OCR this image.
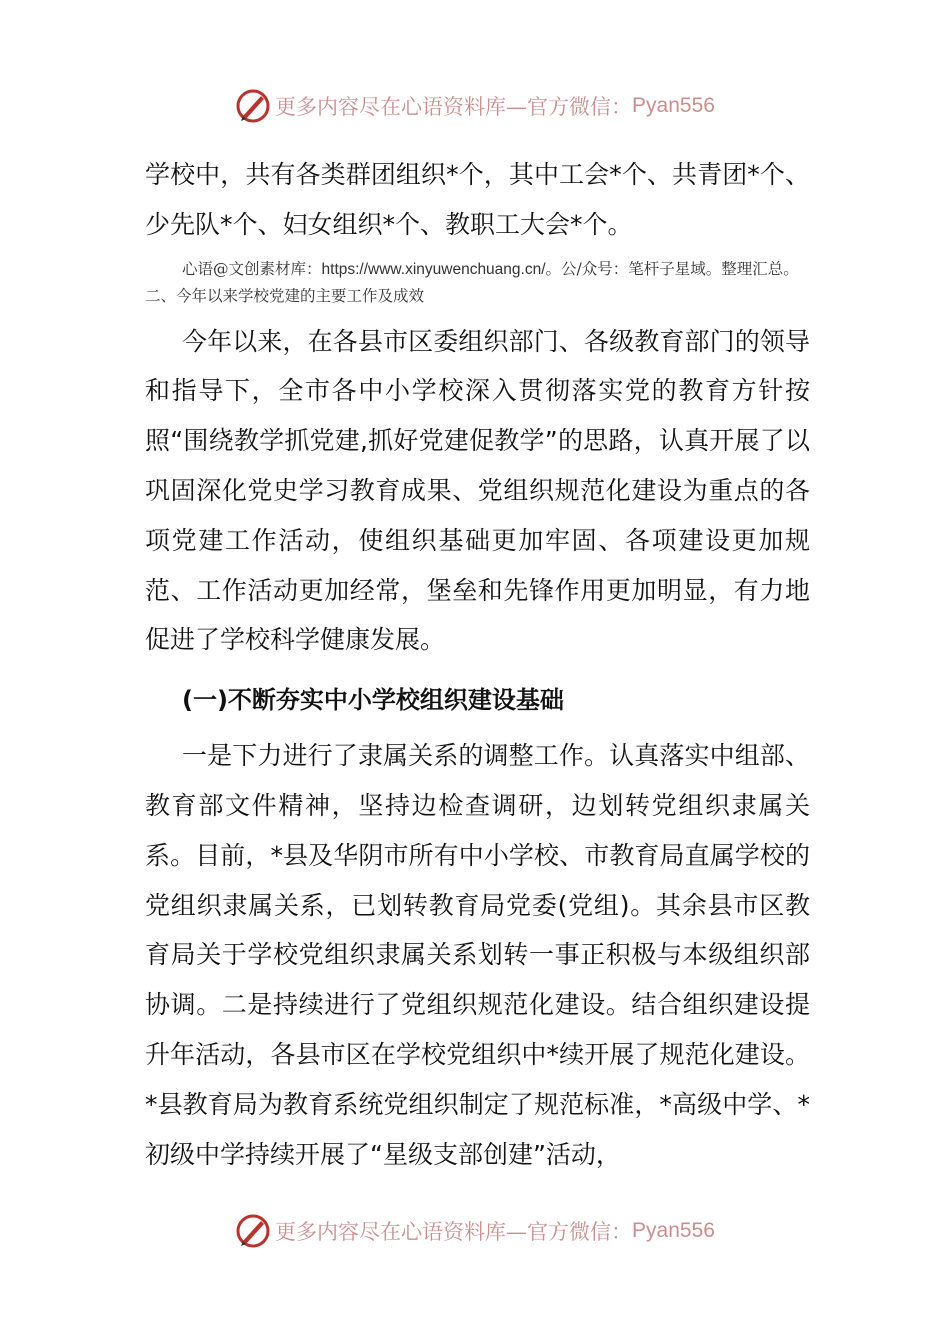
更多内容尽在心语资料库—官方微信： Pyan556

学校中，共有各类群团组织*个，其中工会*个、共青团*个、少先队*个、妇女组织*个、教职工大会*个。

心语@文创素材库：https://www.xinyuwenchuang.cn/。公/众号：笔杆子星域。整理汇总。二、今年以来学校党建的主要工作及成效

今年以来，在各县市区委组织部门、各级教育部门的领导和指导下，全市各中小学校深入贯彻落实党的教育方针按照“围绕教学抓党建,抓好党建促教学”的思路，认真开展了以巩固深化党史学习教育成果、党组织规范化建设为重点的各项党建工作活动，使组织基础更加牢固、各项建设更加规范、工作活动更加经常，堡垒和先锋作用更加明显，有力地促进了学校科学健康发展。

(一)不断夯实中小学校组织建设基础

一是下力进行了隶属关系的调整工作。认真落实中组部、教育部文件精神，坚持边检查调研，边划转党组织隶属关系。目前，*县及华阴市所有中小学校、市教育局直属学校的党组织隶属关系，已划转教育局党委(党组)。其余县市区教育局关于学校党组织隶属关系划转一事正积极与本级组织部协调。二是持续进行了党组织规范化建设。结合组织建设提升年活动，各县市区在学校党组织中*续开展了规范化建设。*县教育局为教育系统党组织制定了规范标准，*高级中学、*初级中学持续开展了“星级支部创建”活动，

更多内容尽在心语资料库—官方微信： Pyan556
